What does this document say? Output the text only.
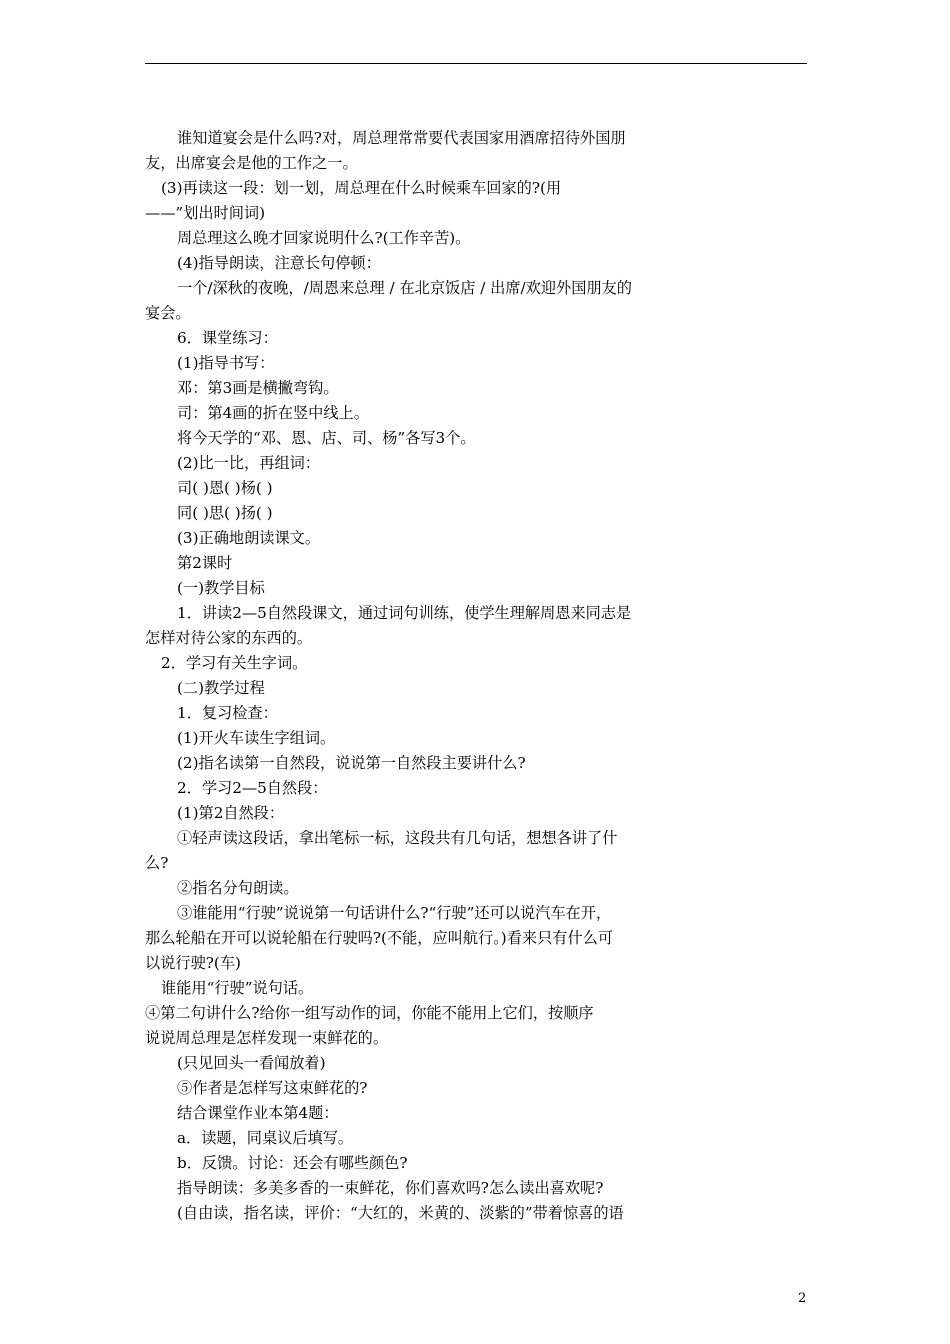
谁知道宴会是什么吗?对，周总理常常要代表国家用酒席招待外国朋
友，出席宴会是他的工作之一。
(3)再读这一段：划一划，周总理在什么时候乘车回家的?(用
——”划出时间词)
周总理这么晚才回家说明什么?(工作辛苦)。
(4)指导朗读，注意长句停顿：
一个/深秋的夜晚，/周恩来总理 / 在北京饭店 / 出席/欢迎外国朋友的
宴会。
6．课堂练习：
(1)指导书写：
邓：第3画是横撇弯钩。
司：第4画的折在竖中线上。
将今天学的“邓、恩、店、司、杨”各写3个。
(2)比一比，再组词：
司( )恩( )杨( )
同( )思( )扬( )
(3)正确地朗读课文。
第2课时
(一)教学目标
1．讲读2—5自然段课文，通过词句训练，使学生理解周恩来同志是
怎样对待公家的东西的。
2．学习有关生字词。
(二)教学过程
1．复习检查：
(1)开火车读生字组词。
(2)指名读第一自然段，说说第一自然段主要讲什么?
2．学习2—5自然段：
(1)第2自然段：
①轻声读这段话，拿出笔标一标，这段共有几句话，想想各讲了什
么?
②指名分句朗读。
③谁能用“行驶”说说第一句话讲什么?“行驶”还可以说汽车在开，
那么轮船在开可以说轮船在行驶吗?(不能，应叫航行。)看来只有什么可
以说行驶?(车)
谁能用“行驶”说句话。
④第二句讲什么?给你一组写动作的词，你能不能用上它们，按顺序
说说周总理是怎样发现一束鲜花的。
(只见回头一看闻放着)
⑤作者是怎样写这束鲜花的?
结合课堂作业本第4题：
a．读题，同桌议后填写。
b．反馈。讨论：还会有哪些颜色?
指导朗读：多美多香的一束鲜花，你们喜欢吗?怎么读出喜欢呢?
(自由读，指名读，评价：“大红的，米黄的、淡紫的”带着惊喜的语
2
